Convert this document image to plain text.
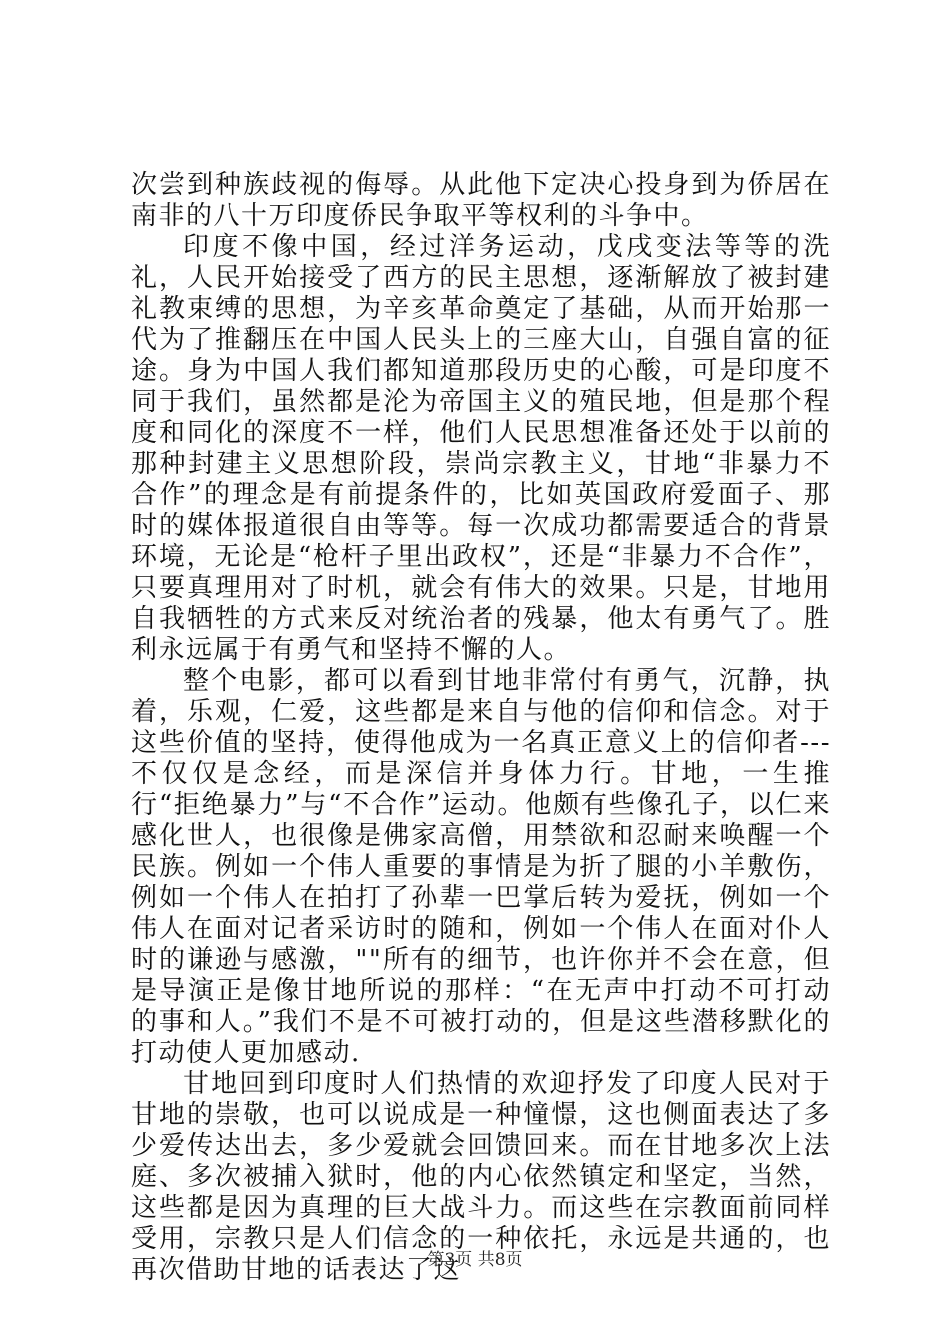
次尝到种族歧视的侮辱。从此他下定决心投身到为侨居在南非的八十万印度侨民争取平等权利的斗争中。

印度不像中国，经过洋务运动，戊戌变法等等的洗礼，人民开始接受了西方的民主思想，逐渐解放了被封建礼教束缚的思想，为辛亥革命奠定了基础，从而开始那一代为了推翻压在中国人民头上的三座大山，自强自富的征途。身为中国人我们都知道那段历史的心酸，可是印度不同于我们，虽然都是沦为帝国主义的殖民地，但是那个程度和同化的深度不一样，他们人民思想准备还处于以前的那种封建主义思想阶段，崇尚宗教主义，甘地“非暴力不合作”的理念是有前提条件的，比如英国政府爱面子、那时的媒体报道很自由等等。每一次成功都需要适合的背景环境，无论是“枪杆子里出政权”，还是“非暴力不合作”，只要真理用对了时机，就会有伟大的效果。只是，甘地用自我牺牲的方式来反对统治者的残暴，他太有勇气了。胜利永远属于有勇气和坚持不懈的人。

整个电影，都可以看到甘地非常付有勇气，沉静，执着，乐观，仁爱，这些都是来自与他的信仰和信念。对于这些价值的坚持，使得他成为一名真正意义上的信仰者---不仅仅是念经，而是深信并身体力行。甘地，一生推行“拒绝暴力”与“不合作”运动。他颇有些像孔子，以仁来感化世人，也很像是佛家高僧，用禁欲和忍耐来唤醒一个民族。例如一个伟人重要的事情是为折了腿的小羊敷伤，例如一个伟人在拍打了孙辈一巴掌后转为爱抚，例如一个伟人在面对记者采访时的随和，例如一个伟人在面对仆人时的谦逊与感激，""所有的细节，也许你并不会在意，但是导演正是像甘地所说的那样：“在无声中打动不可打动的事和人。”我们不是不可被打动的，但是这些潜移默化的打动使人更加感动.

甘地回到印度时人们热情的欢迎抒发了印度人民对于甘地的崇敬，也可以说成是一种憧憬，这也侧面表达了多少爱传达出去，多少爱就会回馈回来。而在甘地多次上法庭、多次被捕入狱时，他的内心依然镇定和坚定，当然，这些都是因为真理的巨大战斗力。而这些在宗教面前同样受用，宗教只是人们信念的一种依托，永远是共通的，也再次借助甘地的话表达了这

第3页 共8页
